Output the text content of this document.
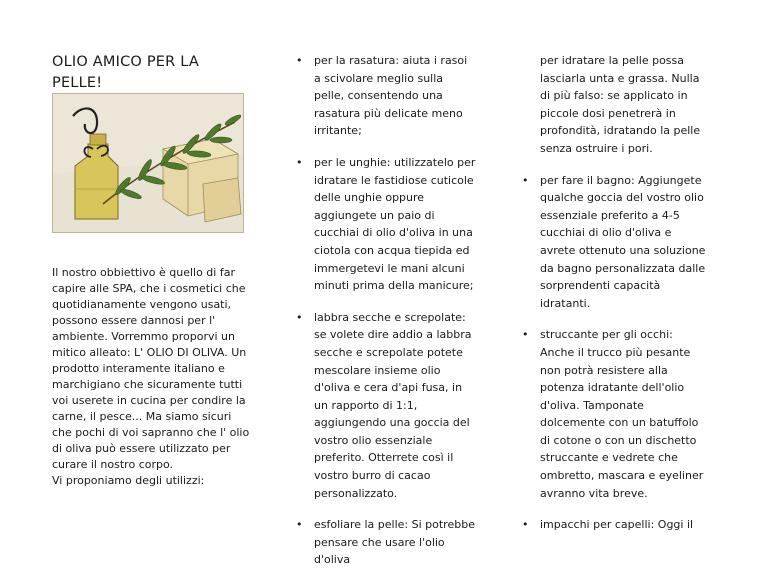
OLIO AMICO PER LA PELLE!

Il nostro obbiettivo è quello di far capire alle SPA, che i cosmetici che quotidianamente vengono usati, possono essere dannosi per l' ambiente. Vorremmo proporvi un mitico alleato: L' OLIO DI OLIVA. Un prodotto interamente italiano e marchigiano che sicuramente tutti voi userete in cucina per condire la carne, il pesce... Ma siamo sicuri che pochi di voi sapranno che l' olio di oliva può essere utilizzato per curare il nostro corpo.

Vi proponiamo degli utilizzi:

• per la rasatura: aiuta i rasoi a scivolare meglio sulla pelle, consentendo una rasatura più delicate meno irritante;
• per le unghie: utilizzatelo per idratare le fastidiose cuticole delle unghie oppure aggiungete un paio di cucchiai di olio d'oliva in una ciotola con acqua tiepida ed immergetevi le mani alcuni minuti prima della manicure;
• labbra secche e screpolate: se volete dire addio a labbra secche e screpolate potete mescolare insieme olio d'oliva e cera d'api fusa, in un rapporto di 1:1, aggiungendo una goccia del vostro olio essenziale preferito. Otterrete così il vostro burro di cacao personalizzato.
• esfoliare la pelle: Si potrebbe pensare che usare l'olio d'oliva
per idratare la pelle possa lasciarla unta e grassa. Nulla di più falso: se applicato in piccole dosi penetrerà in profondità, idratando la pelle senza ostruire i pori.
• per fare il bagno: Aggiungete qualche goccia del vostro olio essenziale preferito a 4-5 cucchiai di olio d'oliva e avrete ottenuto una soluzione da bagno personalizzata dalle sorprendenti capacità idratanti.
• struccante per gli occhi: Anche il trucco più pesante non potrà resistere alla potenza idratante dell'olio d'oliva. Tamponate dolcemente con un batuffolo di cotone o con un dischetto struccante e vedrete che ombretto, mascara e eyeliner avranno vita breve.
• impacchi per capelli: Oggi il
